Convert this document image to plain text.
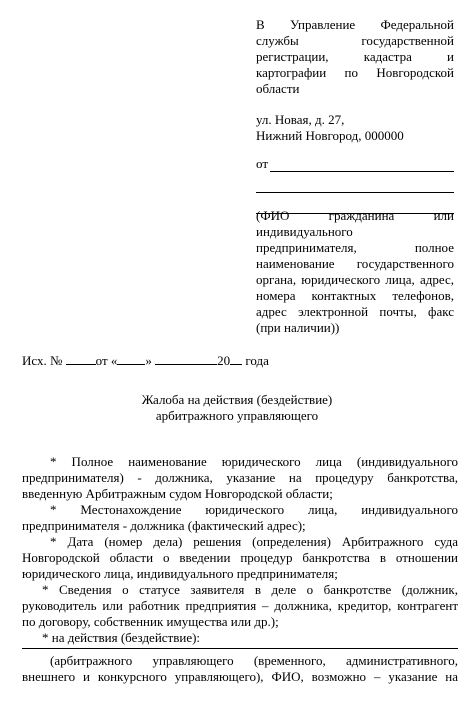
В Управление Федеральной
службы государственной
регистрации, кадастра и
картографии по Новгородской
области
ул. Новая, д. 27,
Нижний Новгород, 000000
от
(ФИО гражданина или
индивидуального
предпринимателя, полное
наименование государственного
органа, юридического лица, адрес,
номера контактных телефонов,
адрес электронной почты, факс
(при наличии))
Исх. №	от « »	20 года
Жалоба на действия (бездействие)
арбитражного управляющего
* Полное наименование юридического лица (индивидуального
предпринимателя) - должника, указание на процедуру банкротства,
введенную Арбитражным судом Новгородской области;
* Местонахождение юридического лица, индивидуального
предпринимателя - должника (фактический адрес);
* Дата (номер дела) решения (определения) Арбитражного суда
Новгородской области о введении процедур банкротства в отношении
юридического лица, индивидуального предпринимателя;
* Сведения о статусе заявителя в деле о банкротстве (должник,
руководитель или работник предприятия – должника, кредитор, контрагент
по договору, собственник имущества или др.);
* на действия (бездействие):
(арбитражного управляющего (временного, административного,
внешнего и конкурсного управляющего), ФИО, возможно – указание на
